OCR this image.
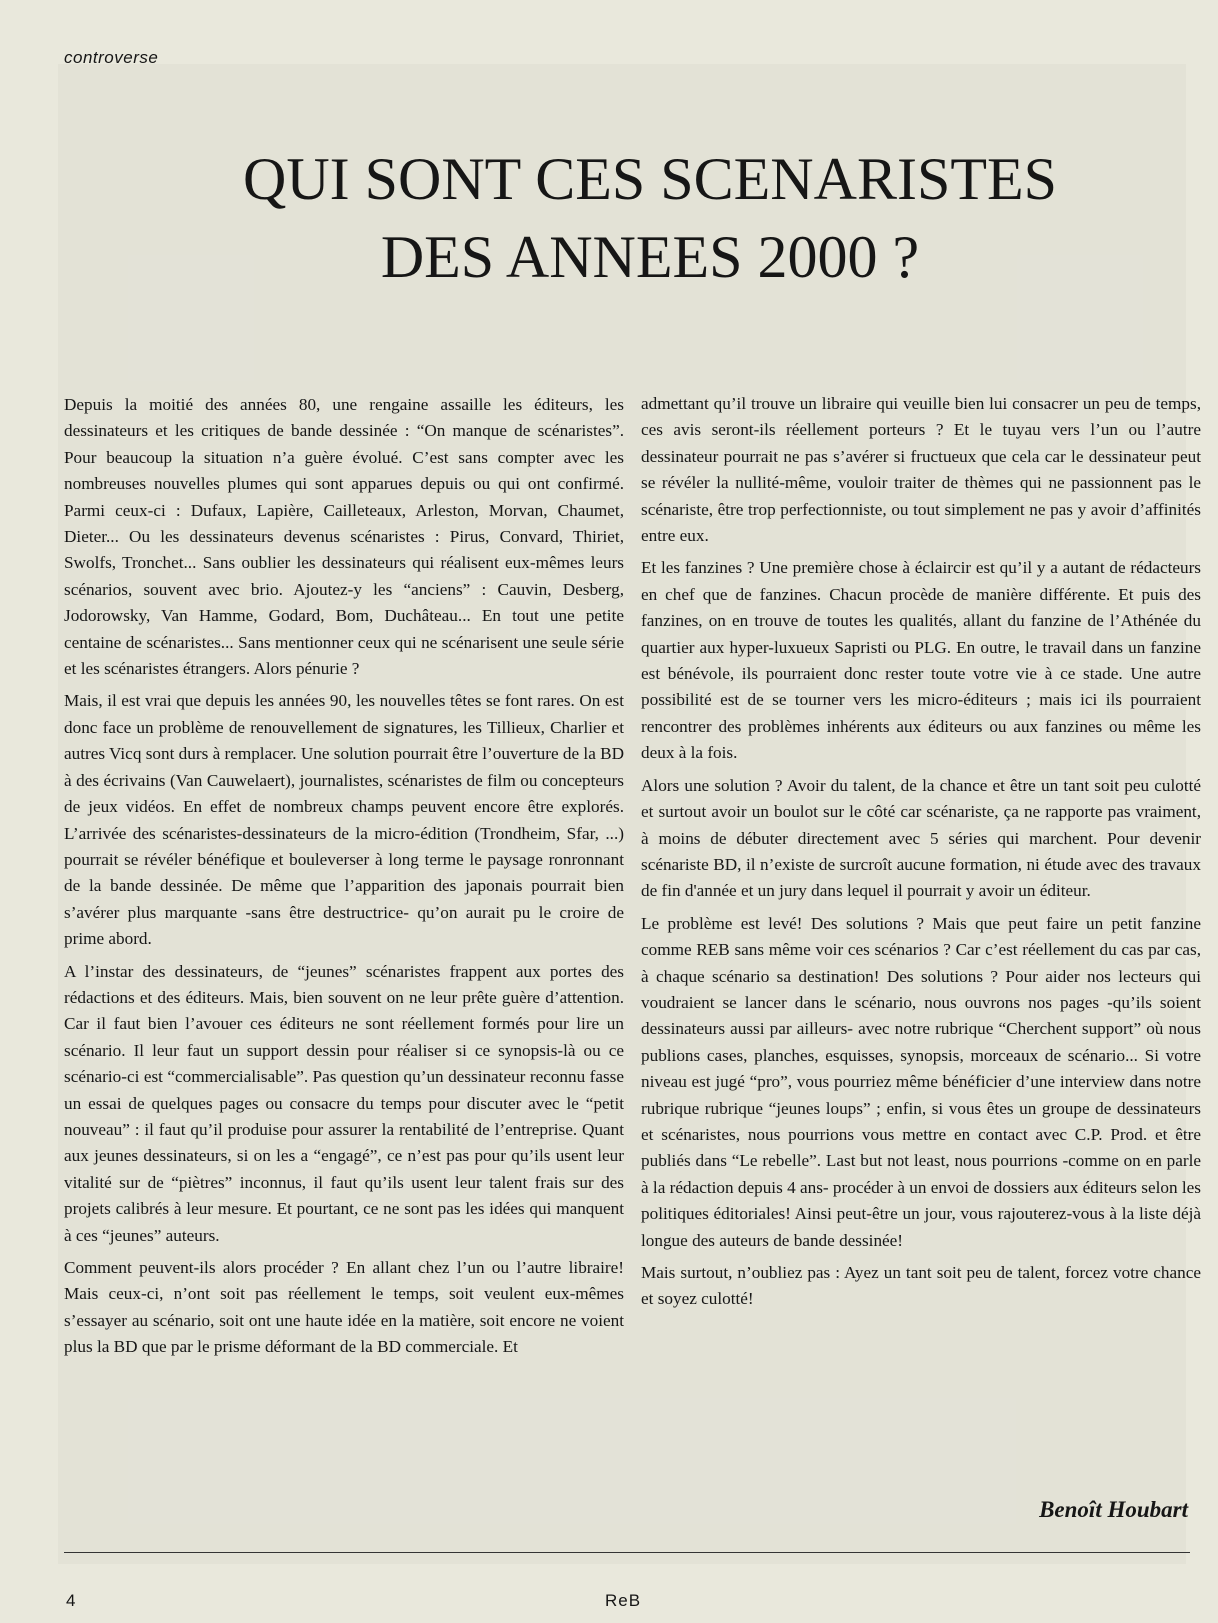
controverse
QUI SONT CES SCENARISTES
DES ANNEES 2000 ?

Depuis la moitié des années 80, une rengaine assaille les éditeurs, les dessinateurs et les critiques de bande dessinée : “On manque de scénaristes”. Pour beaucoup la situation n’a guère évolué. C’est sans compter avec les nombreuses nouvelles plumes qui sont apparues depuis ou qui ont confirmé. Parmi ceux-ci : Dufaux, Lapière, Cailleteaux, Arleston, Morvan, Chaumet, Dieter... Ou les dessinateurs devenus scénaristes : Pirus, Convard, Thiriet, Swolfs, Tronchet... Sans oublier les dessinateurs qui réalisent eux-mêmes leurs scénarios, souvent avec brio. Ajoutez-y les “anciens” : Cauvin, Desberg, Jodorowsky, Van Hamme, Godard, Bom, Duchâteau... En tout une petite centaine de scénaristes... Sans mentionner ceux qui ne scénarisent une seule série et les scénaristes étrangers. Alors pénurie ?

Mais, il est vrai que depuis les années 90, les nouvelles têtes se font rares. On est donc face un problème de renouvellement de signatures, les Tillieux, Charlier et autres Vicq sont durs à remplacer. Une solution pourrait être l’ouverture de la BD à des écrivains (Van Cauwelaert), journalistes, scénaristes de film ou concepteurs de jeux vidéos. En effet de nombreux champs peuvent encore être explorés. L’arrivée des scénaristes-dessinateurs de la micro-édition (Trondheim, Sfar, ...) pourrait se révéler bénéfique et bouleverser à long terme le paysage ronronnant de la bande dessinée. De même que l’apparition des japonais pourrait bien s’avérer plus marquante -sans être destructrice- qu’on aurait pu le croire de prime abord.

A l’instar des dessinateurs, de “jeunes” scénaristes frappent aux portes des rédactions et des éditeurs. Mais, bien souvent on ne leur prête guère d’attention. Car il faut bien l’avouer ces éditeurs ne sont réellement formés pour lire un scénario. Il leur faut un support dessin pour réaliser si ce synopsis-là ou ce scénario-ci est “commercialisable”. Pas question qu’un dessinateur reconnu fasse un essai de quelques pages ou consacre du temps pour discuter avec le “petit nouveau” : il faut qu’il produise pour assurer la rentabilité de l’entreprise. Quant aux jeunes dessinateurs, si on les a “engagé”, ce n’est pas pour qu’ils usent leur vitalité sur de “piètres” inconnus, il faut qu’ils usent leur talent frais sur des projets calibrés à leur mesure. Et pourtant, ce ne sont pas les idées qui manquent à ces “jeunes” auteurs.

Comment peuvent-ils alors procéder ? En allant chez l’un ou l’autre libraire! Mais ceux-ci, n’ont soit pas réellement le temps, soit veulent eux-mêmes s’essayer au scénario, soit ont une haute idée en la matière, soit encore ne voient plus la BD que par le prisme déformant de la BD commerciale. Et

admettant qu’il trouve un libraire qui veuille bien lui consacrer un peu de temps, ces avis seront-ils réellement porteurs ? Et le tuyau vers l’un ou l’autre dessinateur pourrait ne pas s’avérer si fructueux que cela car le dessinateur peut se révéler la nullité-même, vouloir traiter de thèmes qui ne passionnent pas le scénariste, être trop perfectionniste, ou tout simplement ne pas y avoir d’affinités entre eux.

Et les fanzines ? Une première chose à éclaircir est qu’il y a autant de rédacteurs en chef que de fanzines. Chacun procède de manière différente. Et puis des fanzines, on en trouve de toutes les qualités, allant du fanzine de l’Athénée du quartier aux hyper-luxueux Sapristi ou PLG. En outre, le travail dans un fanzine est bénévole, ils pourraient donc rester toute votre vie à ce stade. Une autre possibilité est de se tourner vers les micro-éditeurs ; mais ici ils pourraient rencontrer des problèmes inhérents aux éditeurs ou aux fanzines ou même les deux à la fois.

Alors une solution ? Avoir du talent, de la chance et être un tant soit peu culotté et surtout avoir un boulot sur le côté car scénariste, ça ne rapporte pas vraiment, à moins de débuter directement avec 5 séries qui marchent. Pour devenir scénariste BD, il n’existe de surcroît aucune formation, ni étude avec des travaux de fin d'année et un jury dans lequel il pourrait y avoir un éditeur.

Le problème est levé! Des solutions ? Mais que peut faire un petit fanzine comme REB sans même voir ces scénarios ? Car c’est réellement du cas par cas, à chaque scénario sa destination! Des solutions ? Pour aider nos lecteurs qui voudraient se lancer dans le scénario, nous ouvrons nos pages -qu’ils soient dessinateurs aussi par ailleurs- avec notre rubrique “Cherchent support” où nous publions cases, planches, esquisses, synopsis, morceaux de scénario... Si votre niveau est jugé “pro”, vous pourriez même bénéficier d’une interview dans notre rubrique rubrique “jeunes loups” ; enfin, si vous êtes un groupe de dessinateurs et scénaristes, nous pourrions vous mettre en contact avec C.P. Prod. et être publiés dans “Le rebelle”. Last but not least, nous pourrions -comme on en parle à la rédaction depuis 4 ans- procéder à un envoi de dossiers aux éditeurs selon les politiques éditoriales! Ainsi peut-être un jour, vous rajouterez-vous à la liste déjà longue des auteurs de bande dessinée!

Mais surtout, n’oubliez pas : Ayez un tant soit peu de talent, forcez votre chance et soyez culotté!

Benoît Houbart
4	ReB
